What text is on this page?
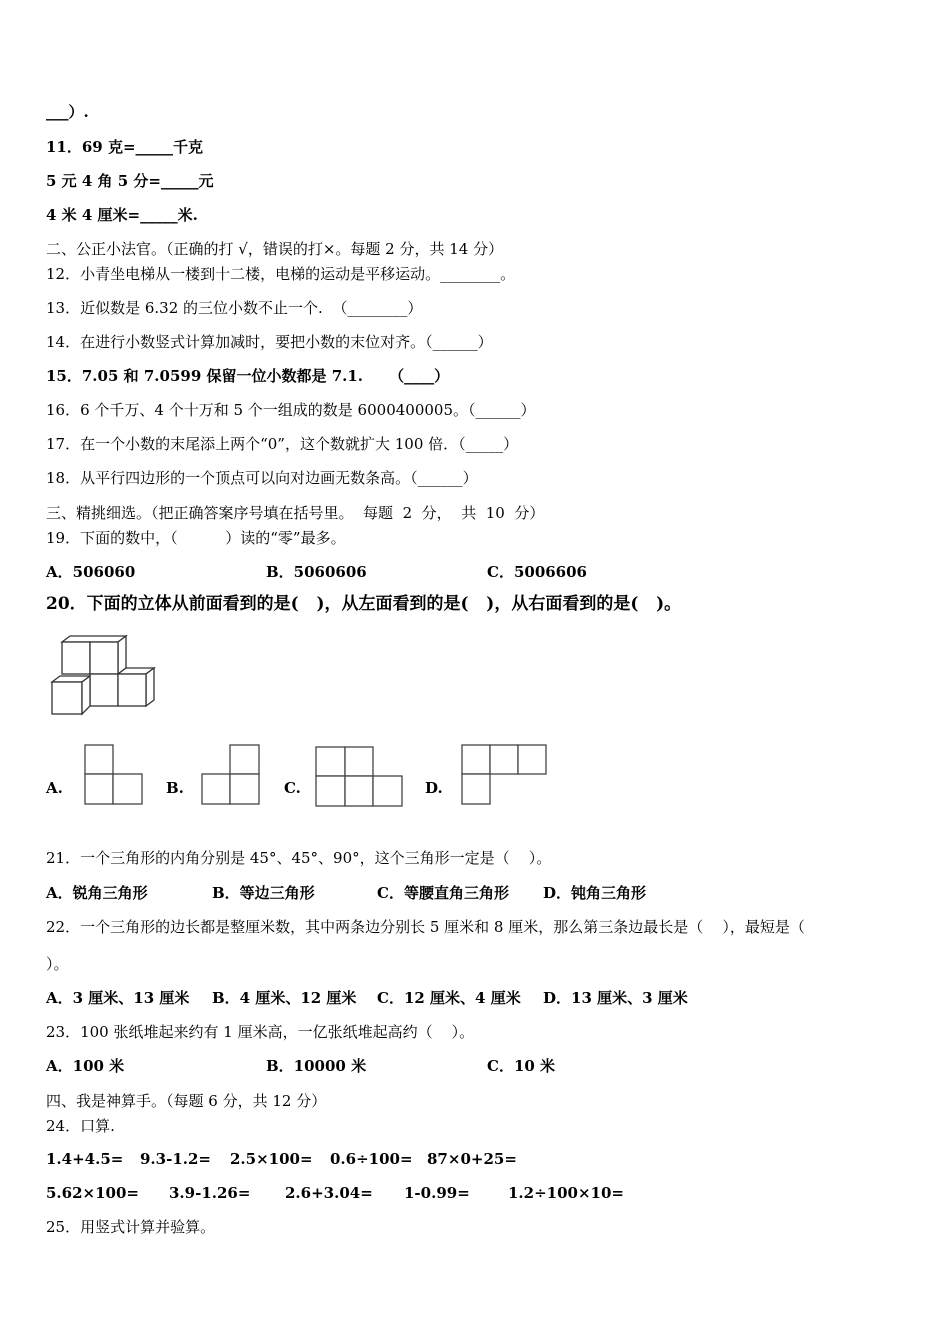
___）.
11．69 克=_____千克
5 元 4 角 5 分=_____元
4 米 4 厘米=_____米.
二、公正小法官。（正确的打 √，错误的打×。每题 2 分，共 14 分）
12．小青坐电梯从一楼到十二楼，电梯的运动是平移运动。________。
13．近似数是 6.32 的三位小数不止一个.  （________）
14．在进行小数竖式计算加减时，要把小数的末位对齐。（______）
15．7.05 和 7.0599 保留一位小数都是 7.1.     （____）
16．6 个千万、4 个十万和 5 个一组成的数是 6000400005。（______）
17．在一个小数的末尾添上两个“0”，这个数就扩大 100 倍．（_____）
18．从平行四边形的一个顶点可以向对边画无数条高。（______）
三、精挑细选。（把正确答案序号填在括号里。  每题  2  分，  共  10  分）
19．下面的数中，（          ）读的“零”最多。
A．506060	B．5060606	C．5006606
20．下面的立体从前面看到的是(   )，从左面看到的是(   )，从右面看到的是(   )。
A.	B.	C.	D.
21．一个三角形的内角分别是 45°、45°、90°，这个三角形一定是（    ）。
A．锐角三角形	B．等边三角形	C．等腰直角三角形 D．钝角三角形
22．一个三角形的边长都是整厘米数，其中两条边分别长 5 厘米和 8 厘米，那么第三条边最长是（    ），最短是（
）。
A．3 厘米、13 厘米 B．4 厘米、12 厘米 C．12 厘米、4 厘米 D．13 厘米、3 厘米
23．100 张纸堆起来约有 1 厘米高，一亿张纸堆起高约（    ）。
A．100 米	B．10000 米	C．10 米
四、我是神算手。（每题 6 分，共 12 分）
24．口算.
1.4+4.5= 9.3-1.2= 2.5×100= 0.6÷100= 87×0+25=
5.62×100= 3.9-1.26= 2.6+3.04= 1-0.99=	1.2÷100×10=
25．用竖式计算并验算。
